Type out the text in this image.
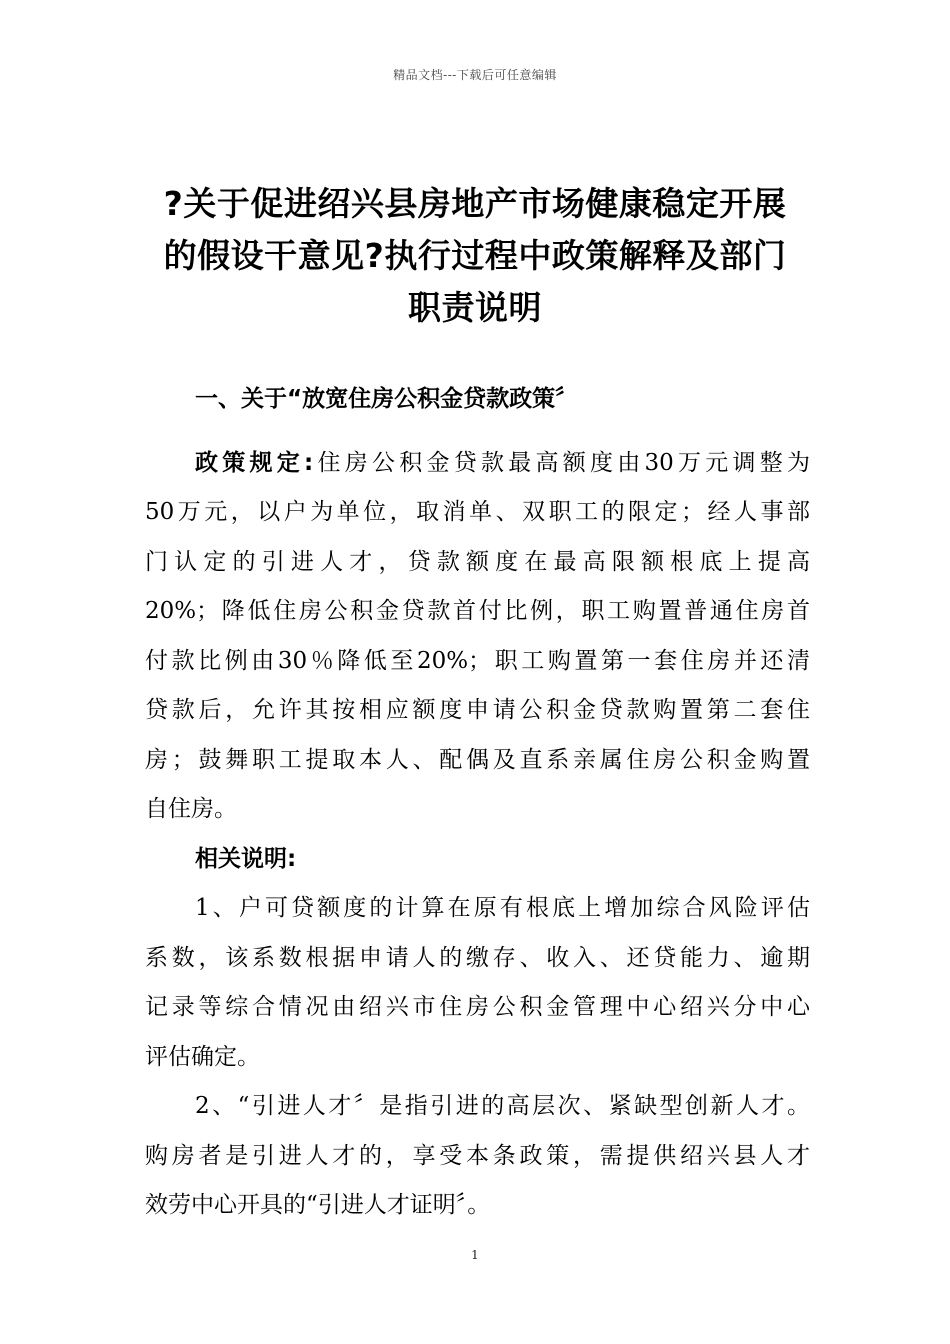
精品文档---下载后可任意编辑
?关于促进绍兴县房地产市场健康稳定开展
的假设干意见?执行过程中政策解释及部门
职责说明
一、关于“放宽住房公积金贷款政策〞
政策规定:住房公积金贷款最高额度由30万元调整为
50万元，以户为单位，取消单、双职工的限定；经人事部
门认定的引进人才，贷款额度在最高限额根底上提高
20%；降低住房公积金贷款首付比例，职工购置普通住房首
付款比例由30％降低至20%；职工购置第一套住房并还清
贷款后，允许其按相应额度申请公积金贷款购置第二套住
房；鼓舞职工提取本人、配偶及直系亲属住房公积金购置
自住房。
相关说明:
1、户可贷额度的计算在原有根底上增加综合风险评估
系数，该系数根据申请人的缴存、收入、还贷能力、逾期
记录等综合情况由绍兴市住房公积金管理中心绍兴分中心
评估确定。
2、“引进人才〞是指引进的高层次、紧缺型创新人才。
购房者是引进人才的，享受本条政策，需提供绍兴县人才
效劳中心开具的“引进人才证明〞。
1
